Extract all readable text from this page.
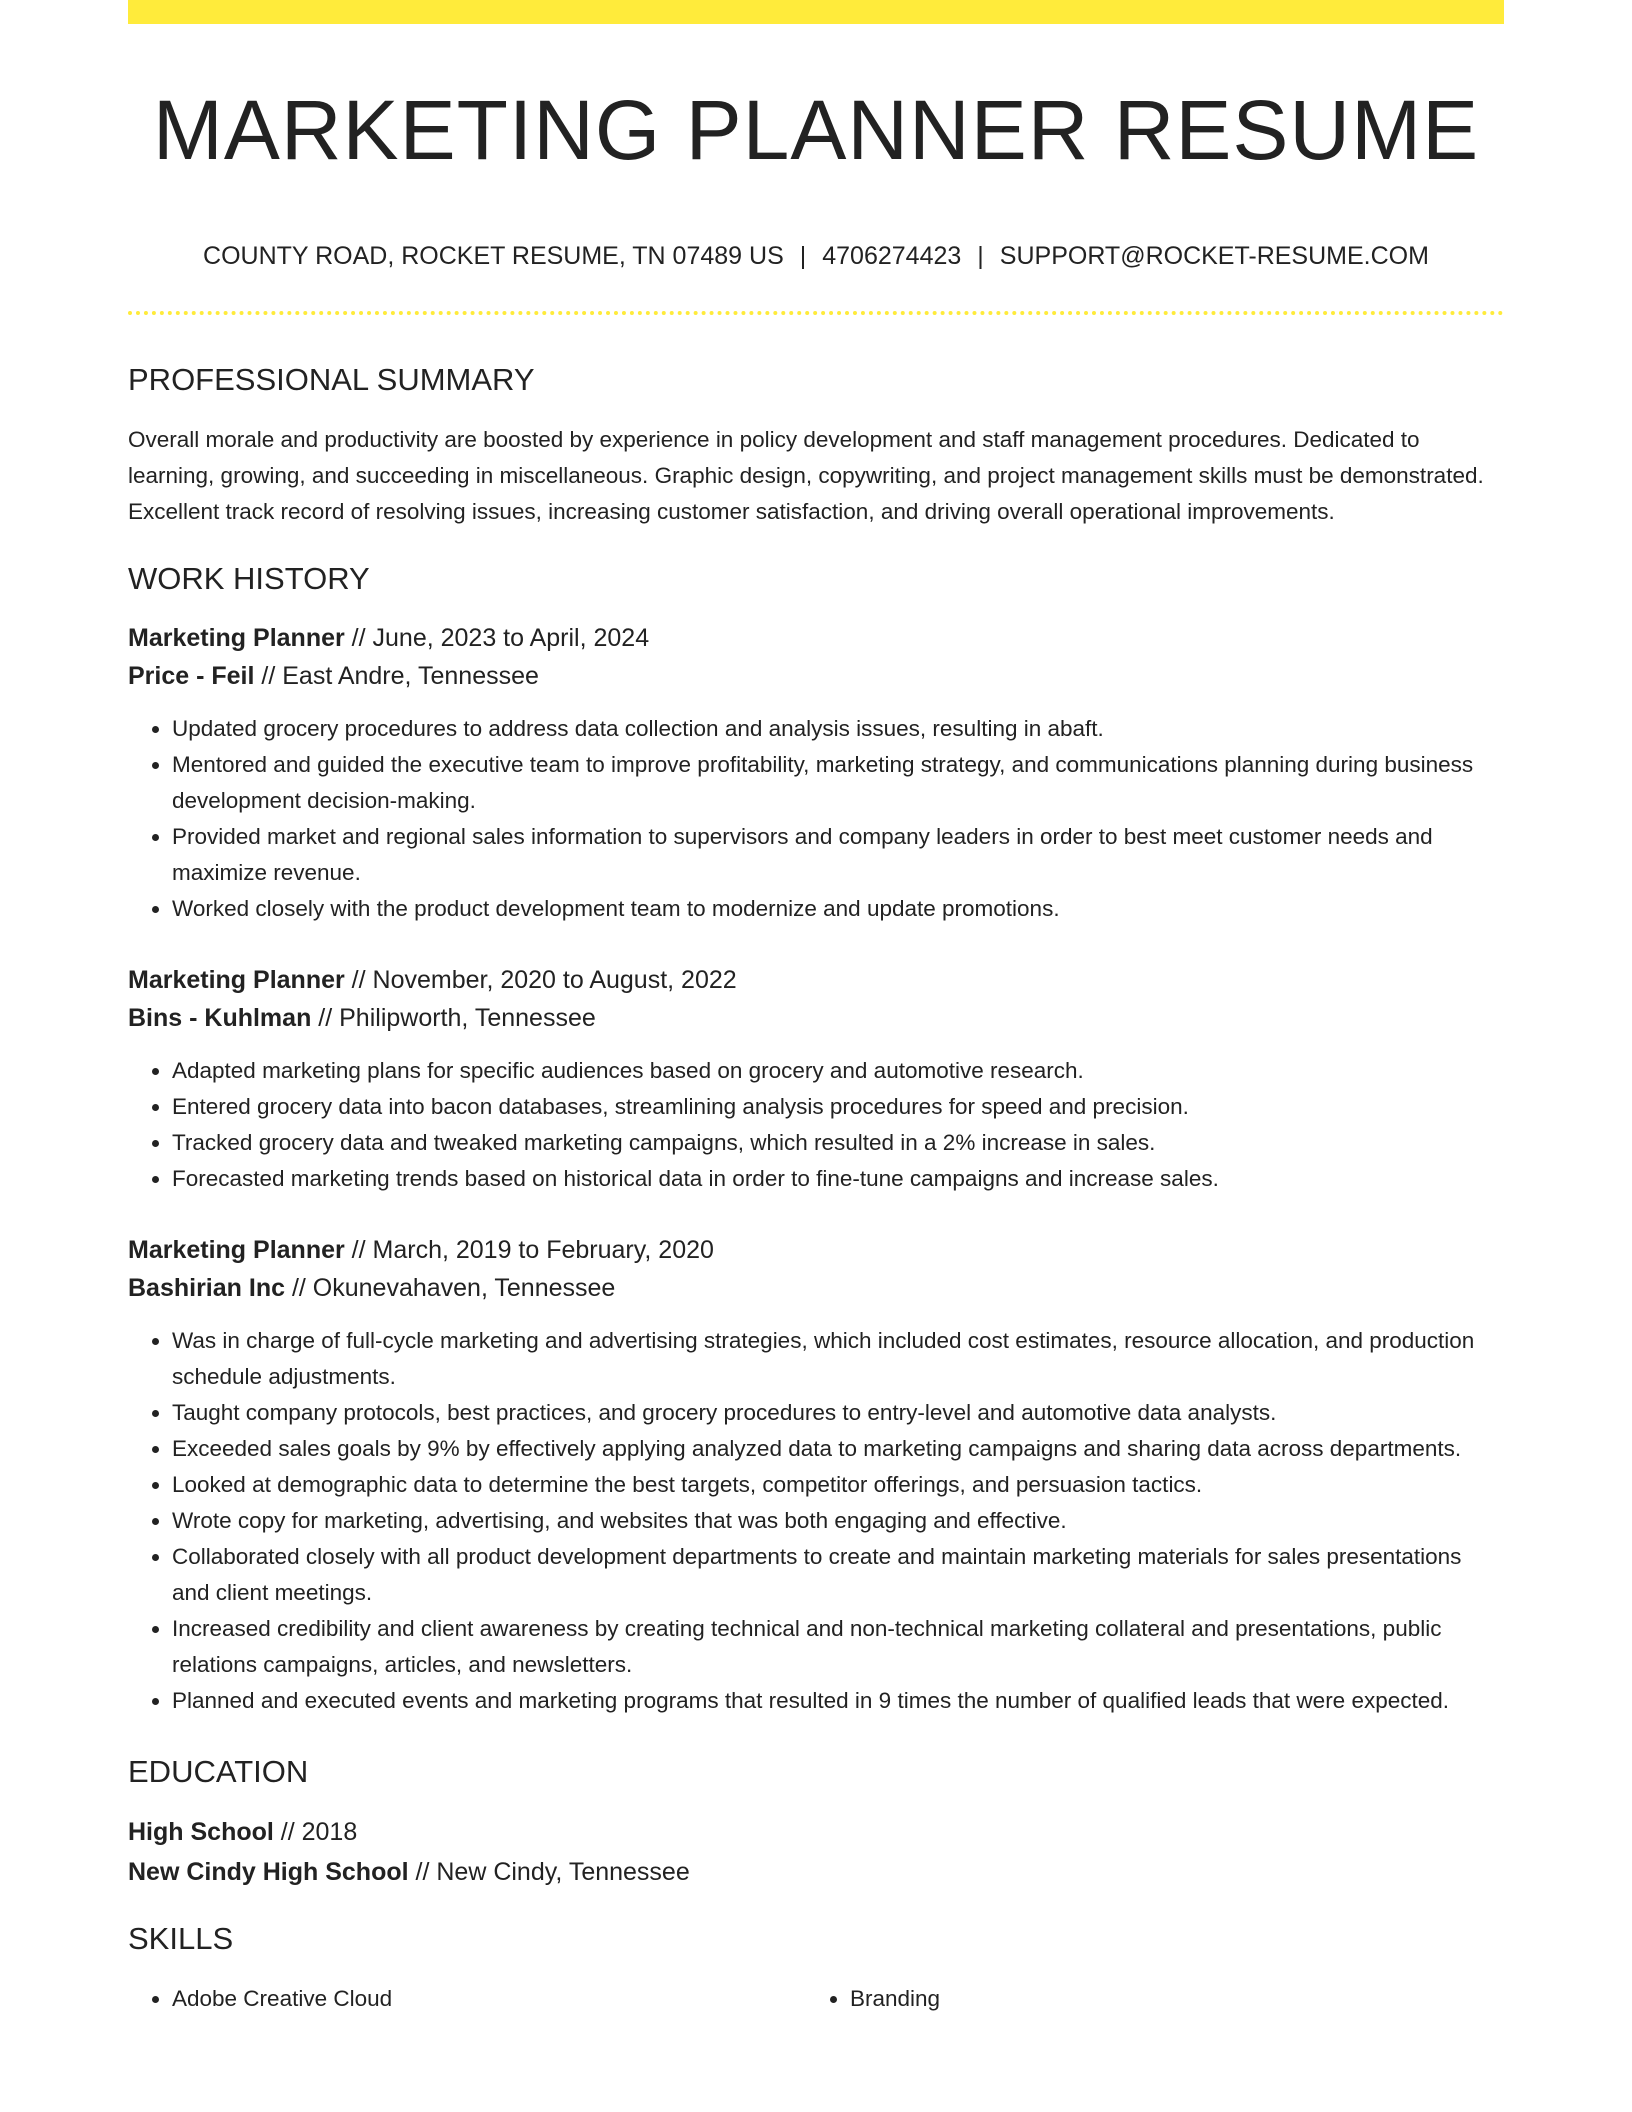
MARKETING PLANNER RESUME
COUNTY ROAD, ROCKET RESUME, TN 07489 US | 4706274423 | SUPPORT@ROCKET-RESUME.COM
PROFESSIONAL SUMMARY
Overall morale and productivity are boosted by experience in policy development and staff management procedures. Dedicated to learning, growing, and succeeding in miscellaneous. Graphic design, copywriting, and project management skills must be demonstrated. Excellent track record of resolving issues, increasing customer satisfaction, and driving overall operational improvements.
WORK HISTORY
Marketing Planner // June, 2023 to April, 2024
Price - Feil // East Andre, Tennessee
• Updated grocery procedures to address data collection and analysis issues, resulting in abaft.
• Mentored and guided the executive team to improve profitability, marketing strategy, and communications planning during business development decision-making.
• Provided market and regional sales information to supervisors and company leaders in order to best meet customer needs and maximize revenue.
• Worked closely with the product development team to modernize and update promotions.
Marketing Planner // November, 2020 to August, 2022
Bins - Kuhlman // Philipworth, Tennessee
• Adapted marketing plans for specific audiences based on grocery and automotive research.
• Entered grocery data into bacon databases, streamlining analysis procedures for speed and precision.
• Tracked grocery data and tweaked marketing campaigns, which resulted in a 2% increase in sales.
• Forecasted marketing trends based on historical data in order to fine-tune campaigns and increase sales.
Marketing Planner // March, 2019 to February, 2020
Bashirian Inc // Okunevahaven, Tennessee
• Was in charge of full-cycle marketing and advertising strategies, which included cost estimates, resource allocation, and production schedule adjustments.
• Taught company protocols, best practices, and grocery procedures to entry-level and automotive data analysts.
• Exceeded sales goals by 9% by effectively applying analyzed data to marketing campaigns and sharing data across departments.
• Looked at demographic data to determine the best targets, competitor offerings, and persuasion tactics.
• Wrote copy for marketing, advertising, and websites that was both engaging and effective.
• Collaborated closely with all product development departments to create and maintain marketing materials for sales presentations and client meetings.
• Increased credibility and client awareness by creating technical and non-technical marketing collateral and presentations, public relations campaigns, articles, and newsletters.
• Planned and executed events and marketing programs that resulted in 9 times the number of qualified leads that were expected.
EDUCATION
High School // 2018
New Cindy High School // New Cindy, Tennessee
SKILLS
• Adobe Creative Cloud
•	Branding
